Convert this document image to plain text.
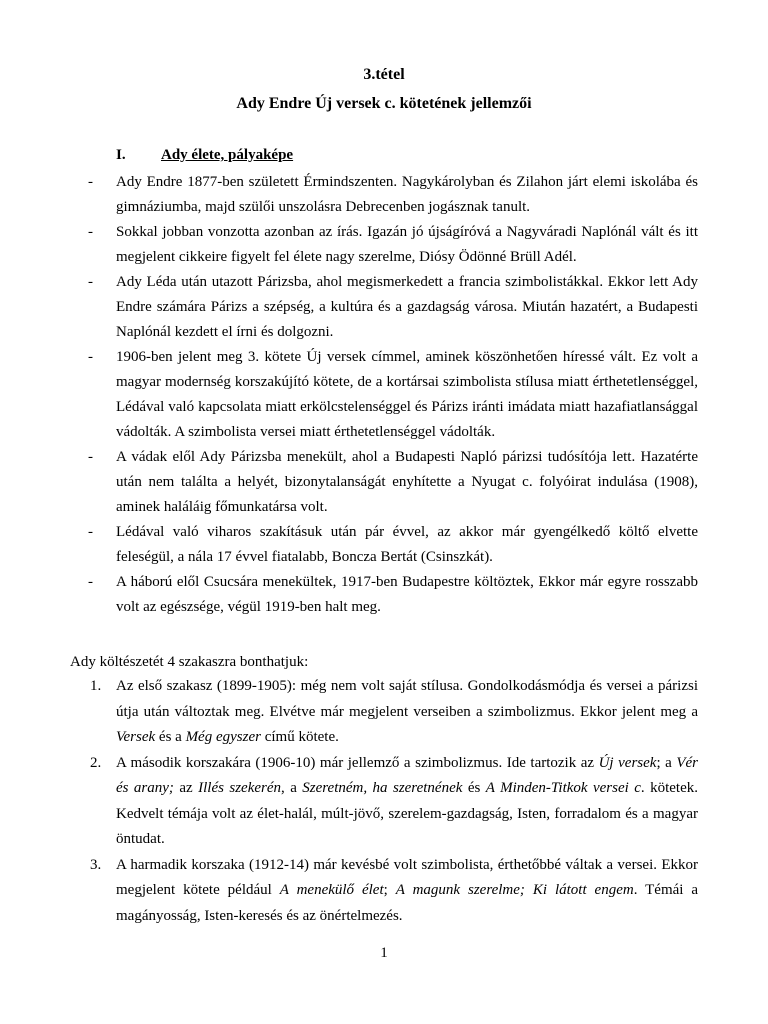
3.tétel
Ady Endre Új versek c. kötetének jellemzői
I. Ady élete, pályaképe
- Ady Endre 1877-ben született Érmindszenten. Nagykárolyban és Zilahon járt elemi iskolába és gimnáziumba, majd szülői unszolásra Debrecenben jogásznak tanult.
- Sokkal jobban vonzotta azonban az írás. Igazán jó újságíróvá a Nagyváradi Naplónál vált és itt megjelent cikkeire figyelt fel élete nagy szerelme, Diósy Ödönné Brüll Adél.
- Ady Léda után utazott Párizsba, ahol megismerkedett a francia szimbolistákkal. Ekkor lett Ady Endre számára Párizs a szépség, a kultúra és a gazdagság városa. Miután hazatért, a Budapesti Naplónál kezdett el írni és dolgozni.
- 1906-ben jelent meg 3. kötete Új versek címmel, aminek köszönhetően híressé vált. Ez volt a magyar modernség korszakújító kötete, de a kortársai szimbolista stílusa miatt érthetetlenséggel, Lédával való kapcsolata miatt erkölcstelenséggel és Párizs iránti imádata miatt hazafiatlansággal vádolták. A szimbolista versei miatt érthetetlenséggel vádolták.
- A vádak elől Ady Párizsba menekült, ahol a Budapesti Napló párizsi tudósítója lett. Hazatérte után nem találta a helyét, bizonytalanságát enyhítette a Nyugat c. folyóirat indulása (1908), aminek haláláig főmunkatársa volt.
- Lédával való viharos szakításuk után pár évvel, az akkor már gyengélkedő költő elvette feleségül, a nála 17 évvel fiatalabb, Boncza Bertát (Csinszkát).
- A háború elől Csucsára menekültek, 1917-ben Budapestre költöztek, Ekkor már egyre rosszabb volt az egészsége, végül 1919-ben halt meg.
Ady költészetét 4 szakaszra bonthatjuk:
1. Az első szakasz (1899-1905): még nem volt saját stílusa. Gondolkodásmódja és versei a párizsi útja után változtak meg. Elvétve már megjelent verseiben a szimbolizmus. Ekkor jelent meg a Versek és a Még egyszer című kötete.
2. A második korszakára (1906-10) már jellemző a szimbolizmus. Ide tartozik az Új versek; a Vér és arany; az Illés szekerén, a Szeretném, ha szeretnének és A Minden-Titkok versei c. kötetek. Kedvelt témája volt az élet-halál, múlt-jövő, szerelem-gazdagság, Isten, forradalom és a magyar öntudat.
3. A harmadik korszaka (1912-14) már kevésbé volt szimbolista, érthetőbbé váltak a versei. Ekkor megjelent kötete például A menekülő élet; A magunk szerelme; Ki látott engem. Témái a magányosság, Isten-keresés és az önértelmezés.
1
